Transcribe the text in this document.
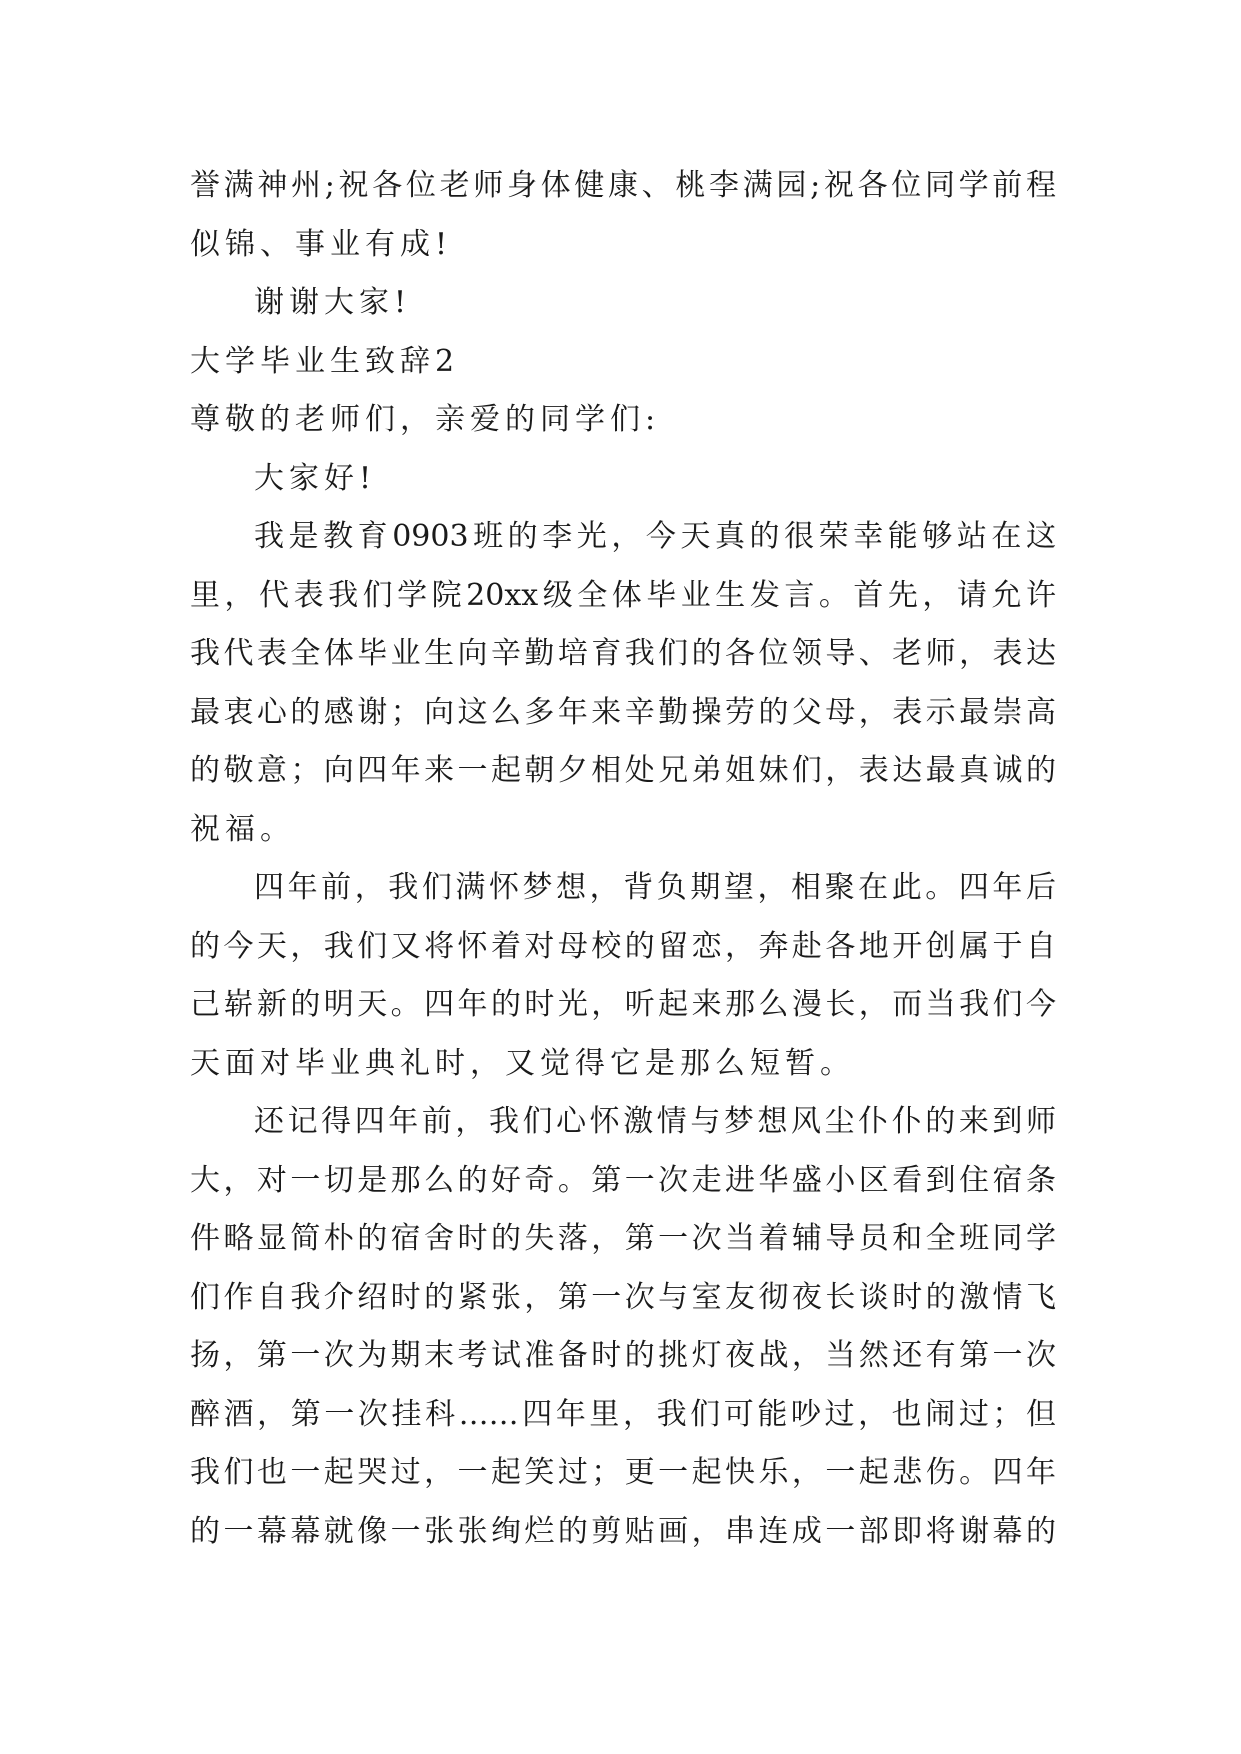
誉满神州;祝各位老师身体健康、桃李满园;祝各位同学前程
似锦、事业有成!
谢谢大家!
大学毕业生致辞2
尊敬的老师们，亲爱的同学们:
大家好!
我是教育0903班的李光，今天真的很荣幸能够站在这
里，代表我们学院20xx级全体毕业生发言。首先，请允许
我代表全体毕业生向辛勤培育我们的各位领导、老师，表达
最衷心的感谢；向这么多年来辛勤操劳的父母，表示最崇高
的敬意；向四年来一起朝夕相处兄弟姐妹们，表达最真诚的
祝福。
四年前，我们满怀梦想，背负期望，相聚在此。四年后
的今天，我们又将怀着对母校的留恋，奔赴各地开创属于自
己崭新的明天。四年的时光，听起来那么漫长，而当我们今
天面对毕业典礼时，又觉得它是那么短暂。
还记得四年前，我们心怀激情与梦想风尘仆仆的来到师
大，对一切是那么的好奇。第一次走进华盛小区看到住宿条
件略显简朴的宿舍时的失落，第一次当着辅导员和全班同学
们作自我介绍时的紧张，第一次与室友彻夜长谈时的激情飞
扬，第一次为期末考试准备时的挑灯夜战，当然还有第一次
醉酒，第一次挂科……四年里，我们可能吵过，也闹过；但
我们也一起哭过，一起笑过；更一起快乐，一起悲伤。四年
的一幕幕就像一张张绚烂的剪贴画，串连成一部即将谢幕的
